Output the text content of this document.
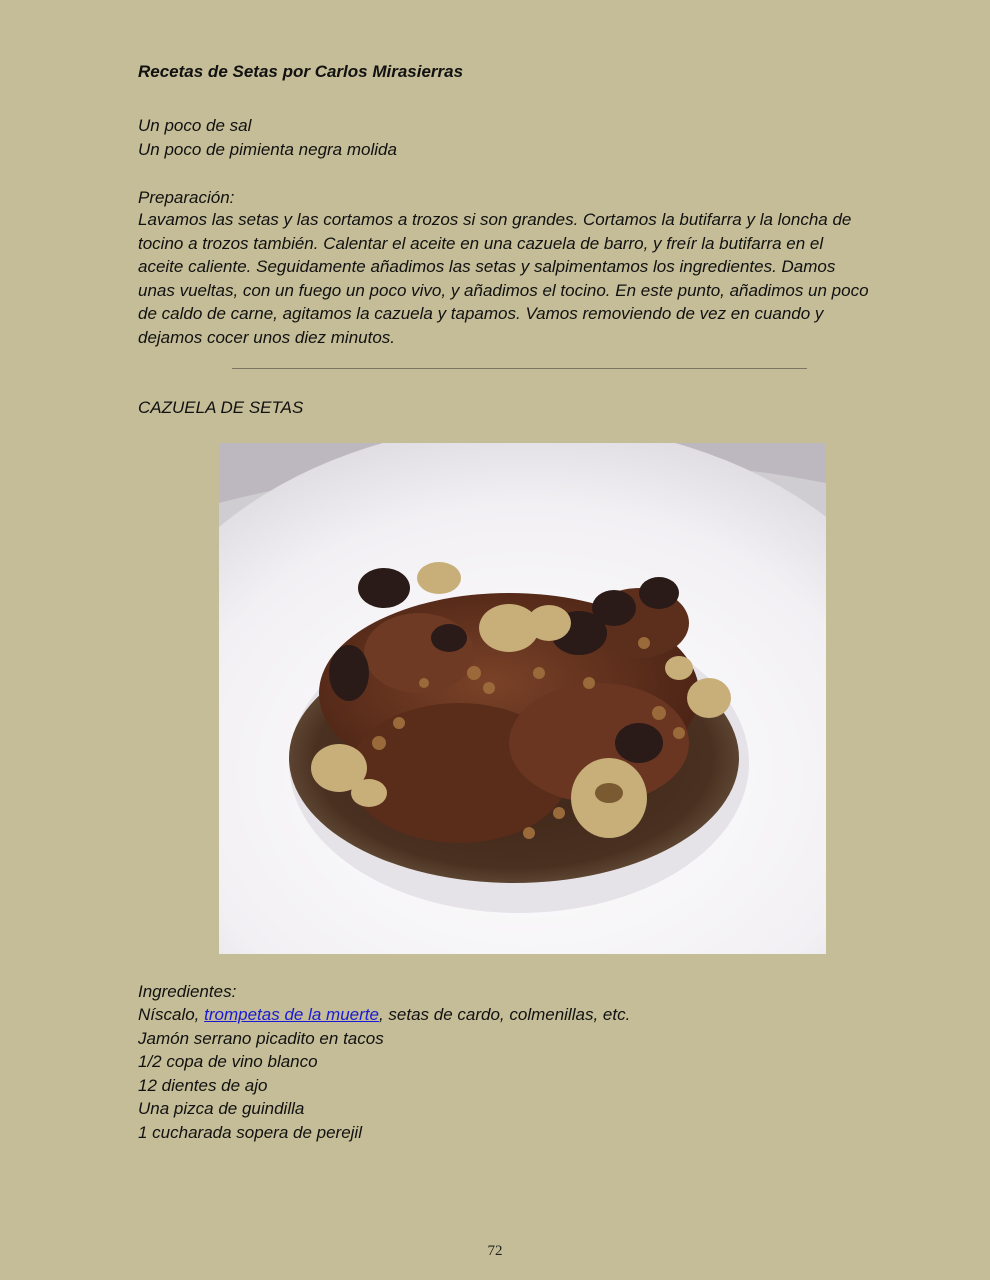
Recetas de Setas por Carlos Mirasierras
Un poco de sal
Un poco de pimienta negra molida
Preparación:
Lavamos las setas y las cortamos a trozos si son grandes. Cortamos la butifarra y la loncha de
tocino a trozos también. Calentar el aceite en una cazuela de barro, y freír la butifarra en el
aceite caliente. Seguidamente añadimos las setas y salpimentamos los ingredientes. Damos
unas vueltas, con un fuego un poco vivo, y añadimos el tocino. En este punto, añadimos un poco
de caldo de carne, agitamos la cazuela y tapamos. Vamos removiendo de vez en cuando y
dejamos cocer unos diez minutos.
CAZUELA DE SETAS
Ingredientes:
Níscalo, trompetas de la muerte, setas de cardo, colmenillas, etc.
Jamón serrano picadito en tacos
1/2 copa de vino blanco
12 dientes de ajo
Una pizca de guindilla
1 cucharada sopera de perejil
72
